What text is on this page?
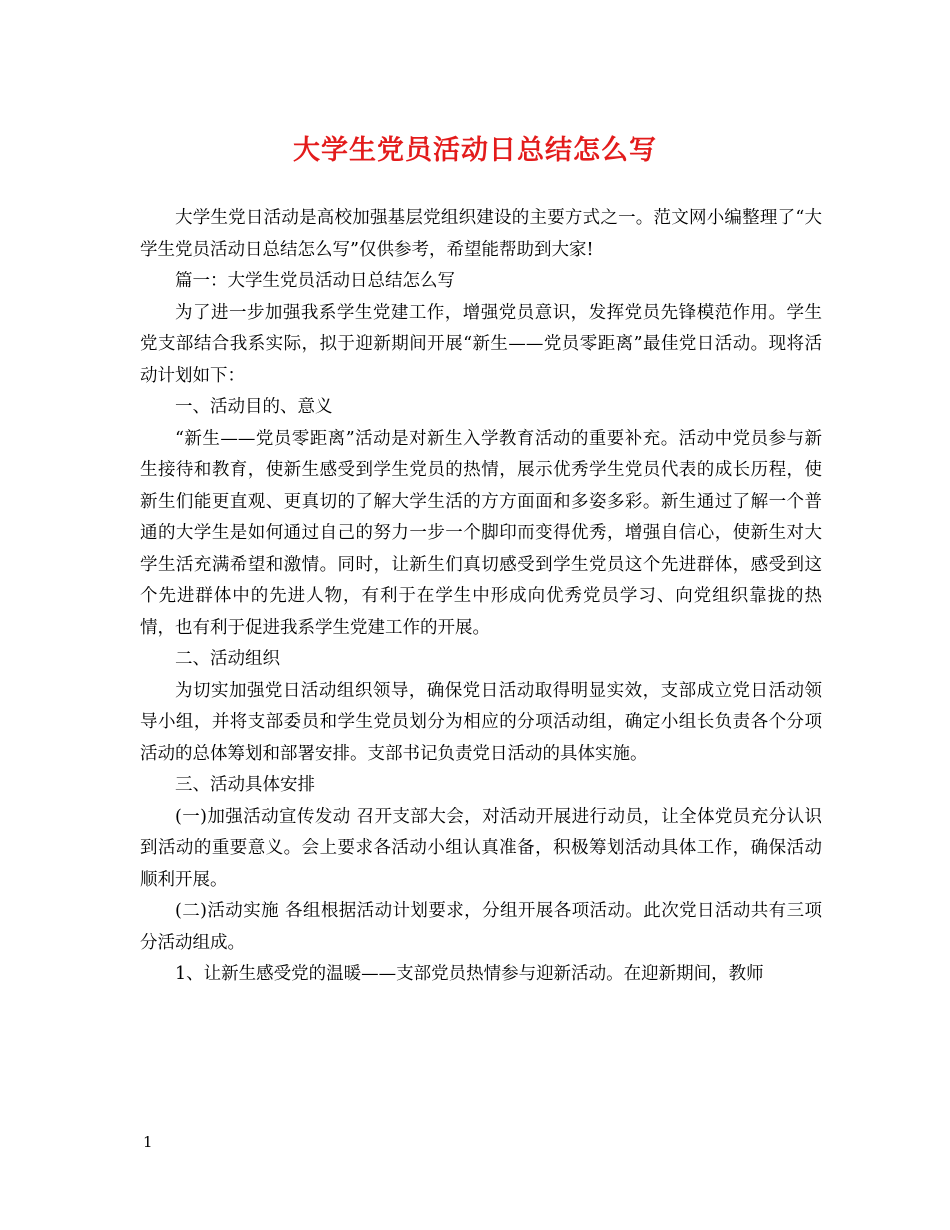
大学生党员活动日总结怎么写

大学生党日活动是高校加强基层党组织建设的主要方式之一。范文网小编整理了“大学生党员活动日总结怎么写”仅供参考，希望能帮助到大家!

篇一：大学生党员活动日总结怎么写

为了进一步加强我系学生党建工作，增强党员意识，发挥党员先锋模范作用。学生党支部结合我系实际，拟于迎新期间开展“新生——党员零距离”最佳党日活动。现将活动计划如下：

一、活动目的、意义

“新生——党员零距离”活动是对新生入学教育活动的重要补充。活动中党员参与新生接待和教育，使新生感受到学生党员的热情，展示优秀学生党员代表的成长历程，使新生们能更直观、更真切的了解大学生活的方方面面和多姿多彩。新生通过了解一个普通的大学生是如何通过自己的努力一步一个脚印而变得优秀，增强自信心，使新生对大学生活充满希望和激情。同时，让新生们真切感受到学生党员这个先进群体，感受到这个先进群体中的先进人物，有利于在学生中形成向优秀党员学习、向党组织靠拢的热情，也有利于促进我系学生党建工作的开展。

二、活动组织

为切实加强党日活动组织领导，确保党日活动取得明显实效，支部成立党日活动领导小组，并将支部委员和学生党员划分为相应的分项活动组，确定小组长负责各个分项活动的总体筹划和部署安排。支部书记负责党日活动的具体实施。

三、活动具体安排

(一)加强活动宣传发动 召开支部大会，对活动开展进行动员，让全体党员充分认识到活动的重要意义。会上要求各活动小组认真准备，积极筹划活动具体工作，确保活动顺利开展。

(二)活动实施 各组根据活动计划要求，分组开展各项活动。此次党日活动共有三项分活动组成。

1、让新生感受党的温暖——支部党员热情参与迎新活动。在迎新期间，教师

1
